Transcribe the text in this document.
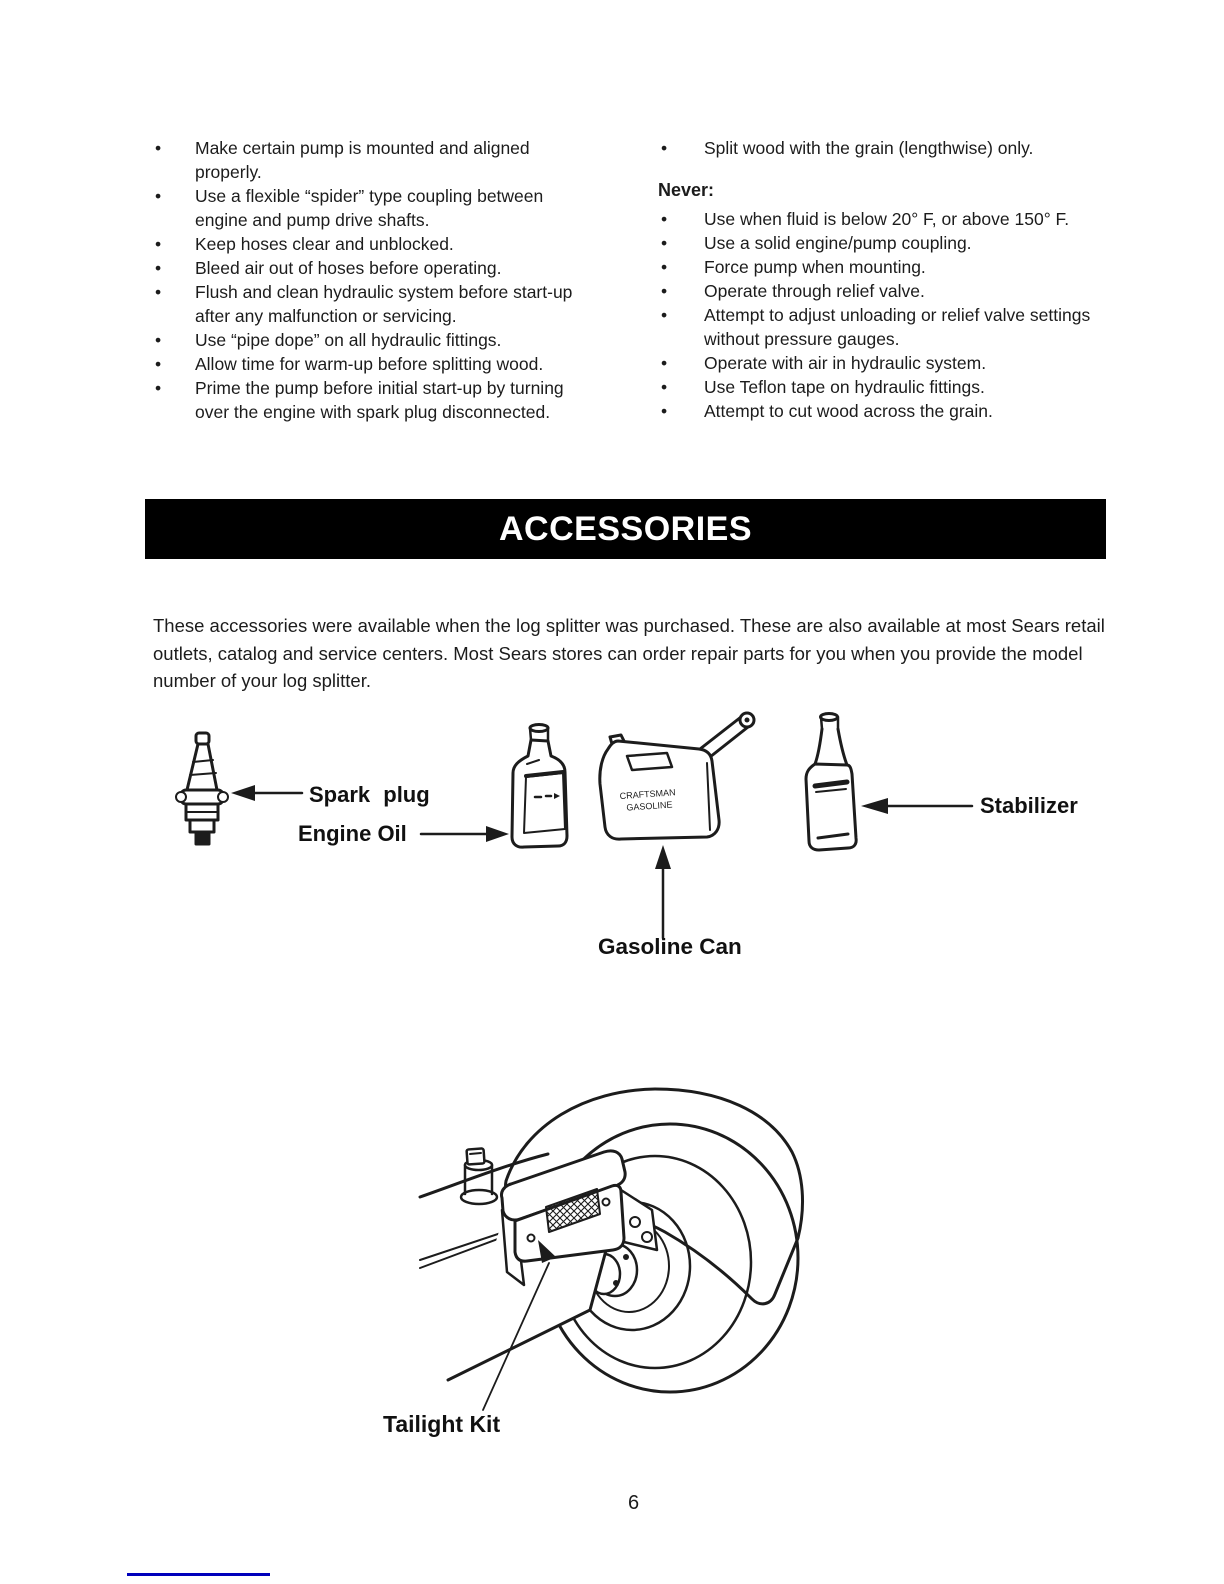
• Make certain pump is mounted and aligned properly.
• Use a flexible “spider” type coupling between engine and pump drive shafts.
• Keep hoses clear and unblocked.
• Bleed air out of hoses before operating.
• Flush and clean hydraulic system before start-up after any malfunction or servicing.
• Use “pipe dope” on all hydraulic fittings.
• Allow time for warm-up before splitting wood.
• Prime the pump before initial start-up by turning over the engine with spark plug disconnected.
• Split wood with the grain (lengthwise) only.
Never:
• Use when fluid is below 20° F, or above 150° F.
• Use a solid engine/pump coupling.
• Force pump when mounting.
• Operate through relief valve.
• Attempt to adjust unloading or relief valve settings without pressure gauges.
• Operate with air in hydraulic system.
• Use Teflon tape on hydraulic fittings.
• Attempt to cut wood across the grain.
ACCESSORIES
These accessories were available when the log splitter was purchased. These are also available at most Sears retail outlets, catalog and service centers. Most Sears stores can order repair parts for you when you provide the model number of your log splitter.
CRAFTSMAN
GASOLINE
Spark plug
Engine Oil
Gasoline Can
Stabilizer
Tailight Kit
6
